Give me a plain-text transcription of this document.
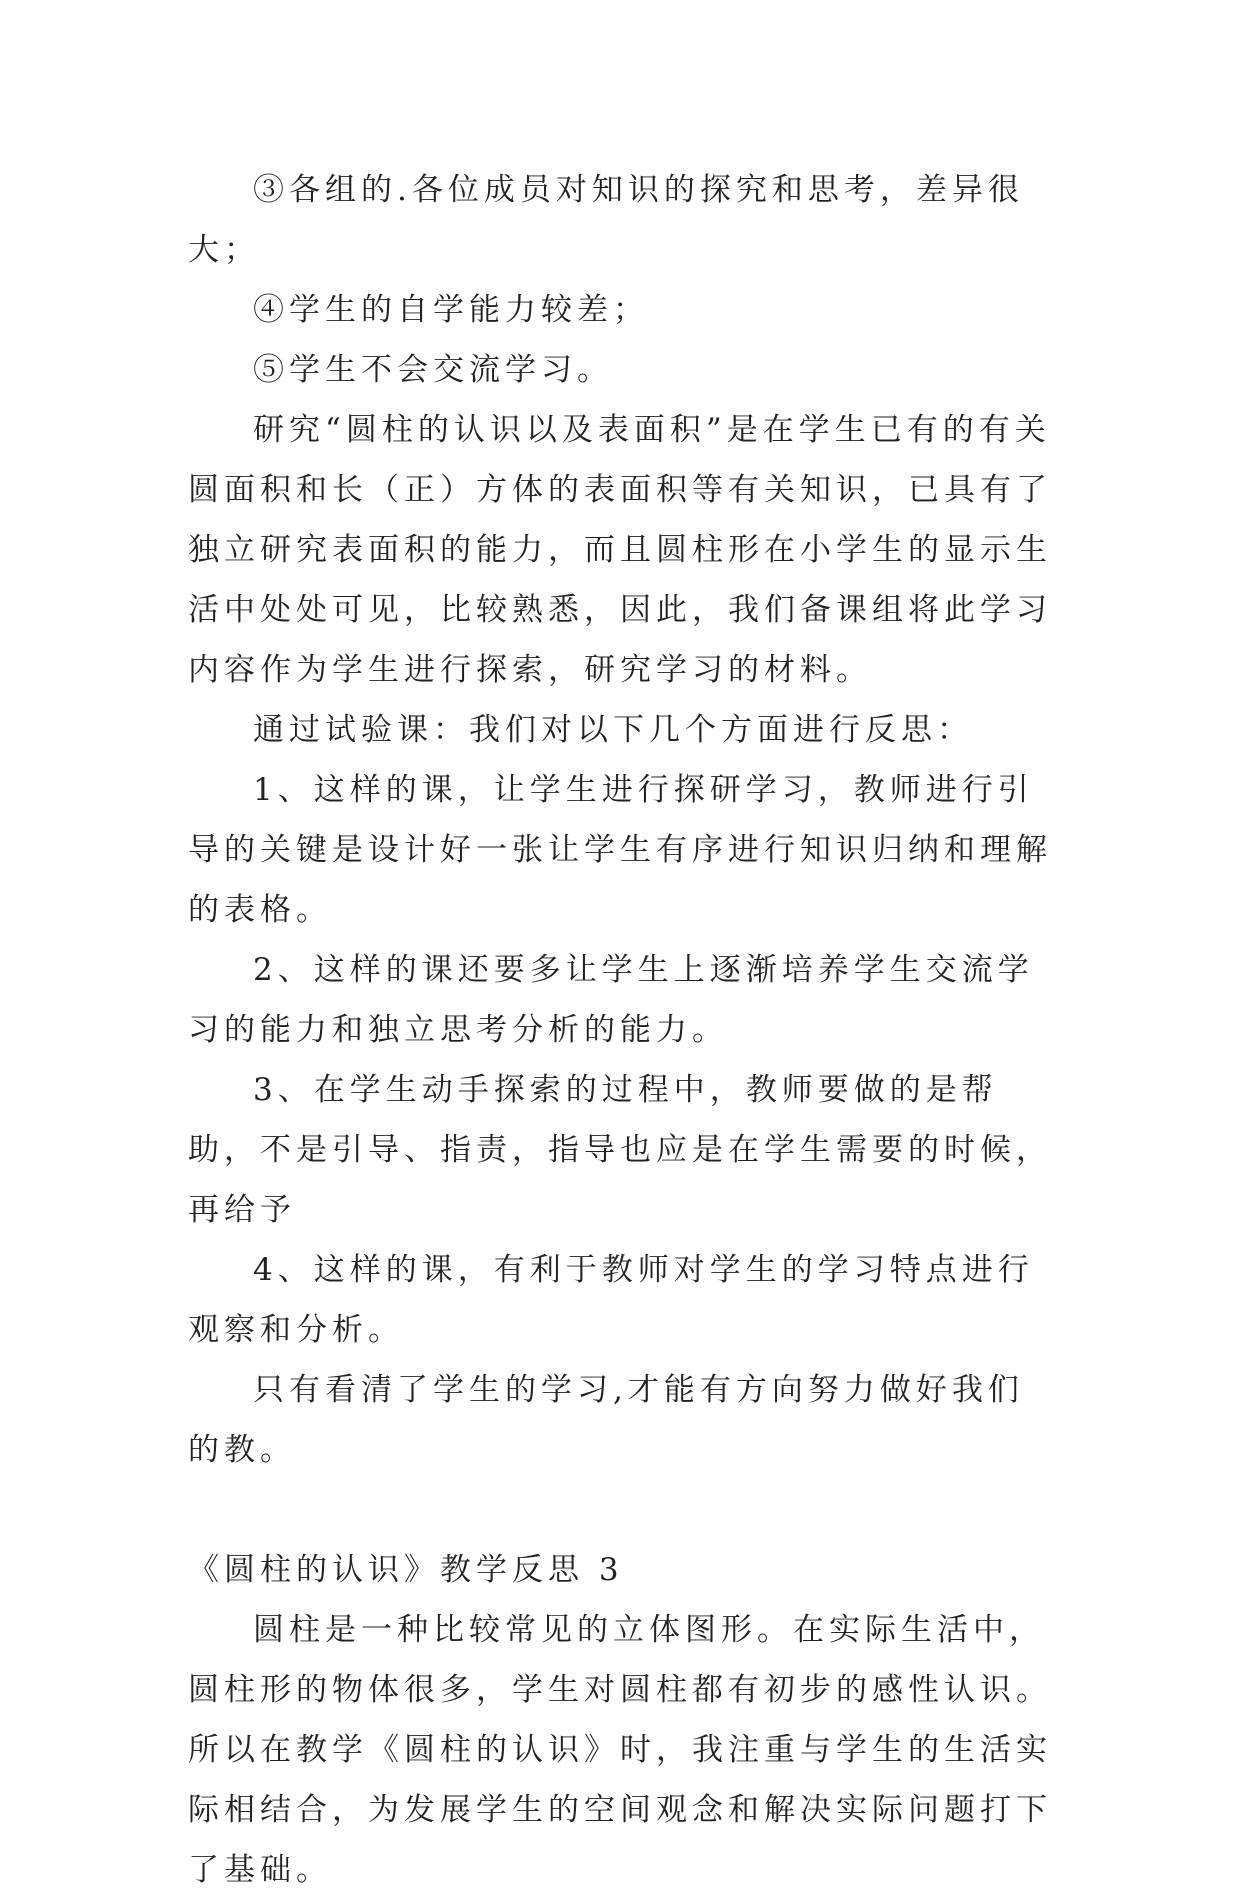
③各组的.各位成员对知识的探究和思考，差异很大；

④学生的自学能力较差；

⑤学生不会交流学习。

研究“圆柱的认识以及表面积”是在学生已有的有关圆面积和长（正）方体的表面积等有关知识，已具有了独立研究表面积的能力，而且圆柱形在小学生的显示生活中处处可见，比较熟悉，因此，我们备课组将此学习内容作为学生进行探索，研究学习的材料。

通过试验课：我们对以下几个方面进行反思：

1、这样的课，让学生进行探研学习，教师进行引导的关键是设计好一张让学生有序进行知识归纳和理解的表格。

2、这样的课还要多让学生上逐渐培养学生交流学习的能力和独立思考分析的能力。

3、在学生动手探索的过程中，教师要做的是帮助，不是引导、指责，指导也应是在学生需要的时候，再给予

4、这样的课，有利于教师对学生的学习特点进行观察和分析。

只有看清了学生的学习,才能有方向努力做好我们的教。

《圆柱的认识》教学反思 3

圆柱是一种比较常见的立体图形。在实际生活中，圆柱形的物体很多，学生对圆柱都有初步的感性认识。所以在教学《圆柱的认识》时，我注重与学生的生活实际相结合，为发展学生的空间观念和解决实际问题打下了基础。
